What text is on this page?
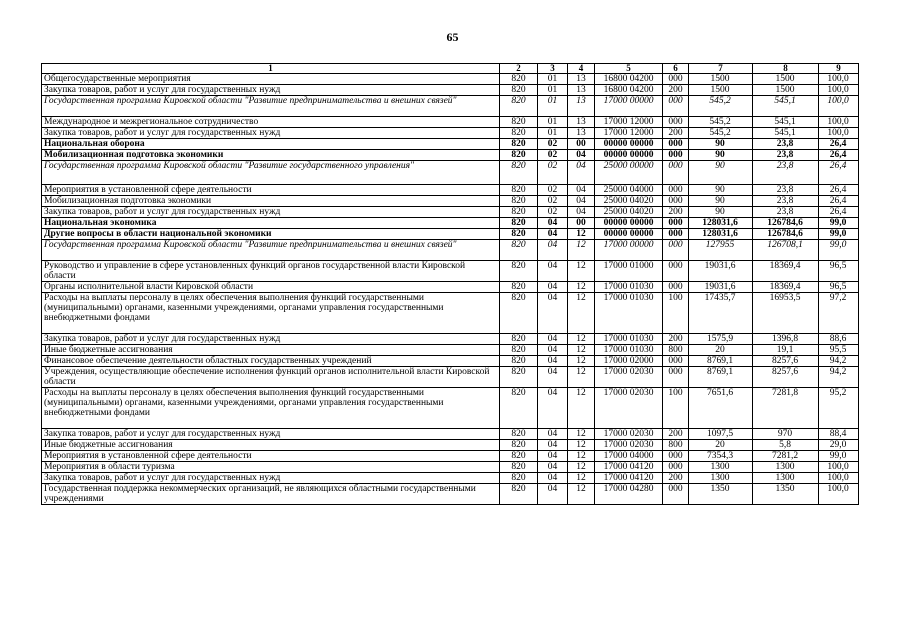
65
1	2	3	4	5	6	7	8	9
Общегосударственные мероприятия	820	01	13	16800 04200	000	1500	1500	100,0
Закупка товаров, работ и услуг для государственных нужд	820	01	13	16800 04200	200	1500	1500	100,0
Государственная программа Кировской области "Развитие предпринимательства и внешних связей"	820	01	13	17000 00000	000	545,2	545,1	100,0
Международное и межрегиональное сотрудничество	820	01	13	17000 12000	000	545,2	545,1	100,0
Закупка товаров, работ и услуг для государственных нужд	820	01	13	17000 12000	200	545,2	545,1	100,0
Национальная оборона	820	02	00	00000 00000	000	90	23,8	26,4
Мобилизационная подготовка экономики	820	02	04	00000 00000	000	90	23,8	26,4
Государственная программа Кировской области "Развитие государственного управления"	820	02	04	25000 00000	000	90	23,8	26,4
Мероприятия в установленной сфере деятельности	820	02	04	25000 04000	000	90	23,8	26,4
Мобилизационная подготовка экономики	820	02	04	25000 04020	000	90	23,8	26,4
Закупка товаров, работ и услуг для государственных нужд	820	02	04	25000 04020	200	90	23,8	26,4
Национальная экономика	820	04	00	00000 00000	000	128031,6	126784,6	99,0
Другие вопросы в области национальной экономики	820	04	12	00000 00000	000	128031,6	126784,6	99,0
Государственная программа Кировской области "Развитие предпринимательства и внешних связей"	820	04	12	17000 00000	000	127955	126708,1	99,0
Руководство и управление в сфере установленных функций органов государственной власти Кировской области	820	04	12	17000 01000	000	19031,6	18369,4	96,5
Органы исполнительной власти Кировской области	820	04	12	17000 01030	000	19031,6	18369,4	96,5
Расходы на выплаты персоналу в целях обеспечения выполнения функций государственными (муниципальными) органами, казенными учреждениями, органами управления государственными внебюджетными фондами	820	04	12	17000 01030	100	17435,7	16953,5	97,2
Закупка товаров, работ и услуг для государственных нужд	820	04	12	17000 01030	200	1575,9	1396,8	88,6
Иные бюджетные ассигнования	820	04	12	17000 01030	800	20	19,1	95,5
Финансовое обеспечение деятельности областных государственных учреждений	820	04	12	17000 02000	000	8769,1	8257,6	94,2
Учреждения, осуществляющие обеспечение исполнения функций органов исполнительной власти Кировской области	820	04	12	17000 02030	000	8769,1	8257,6	94,2
Расходы на выплаты персоналу в целях обеспечения выполнения функций государственными (муниципальными) органами, казенными учреждениями, органами управления государственными внебюджетными фондами	820	04	12	17000 02030	100	7651,6	7281,8	95,2
Закупка товаров, работ и услуг для государственных нужд	820	04	12	17000 02030	200	1097,5	970	88,4
Иные бюджетные ассигнования	820	04	12	17000 02030	800	20	5,8	29,0
Мероприятия в установленной сфере деятельности	820	04	12	17000 04000	000	7354,3	7281,2	99,0
Мероприятия в области туризма	820	04	12	17000 04120	000	1300	1300	100,0
Закупка товаров, работ и услуг для государственных нужд	820	04	12	17000 04120	200	1300	1300	100,0
Государственная поддержка некоммерческих организаций, не являющихся областными государственными учреждениями	820	04	12	17000 04280	000	1350	1350	100,0
